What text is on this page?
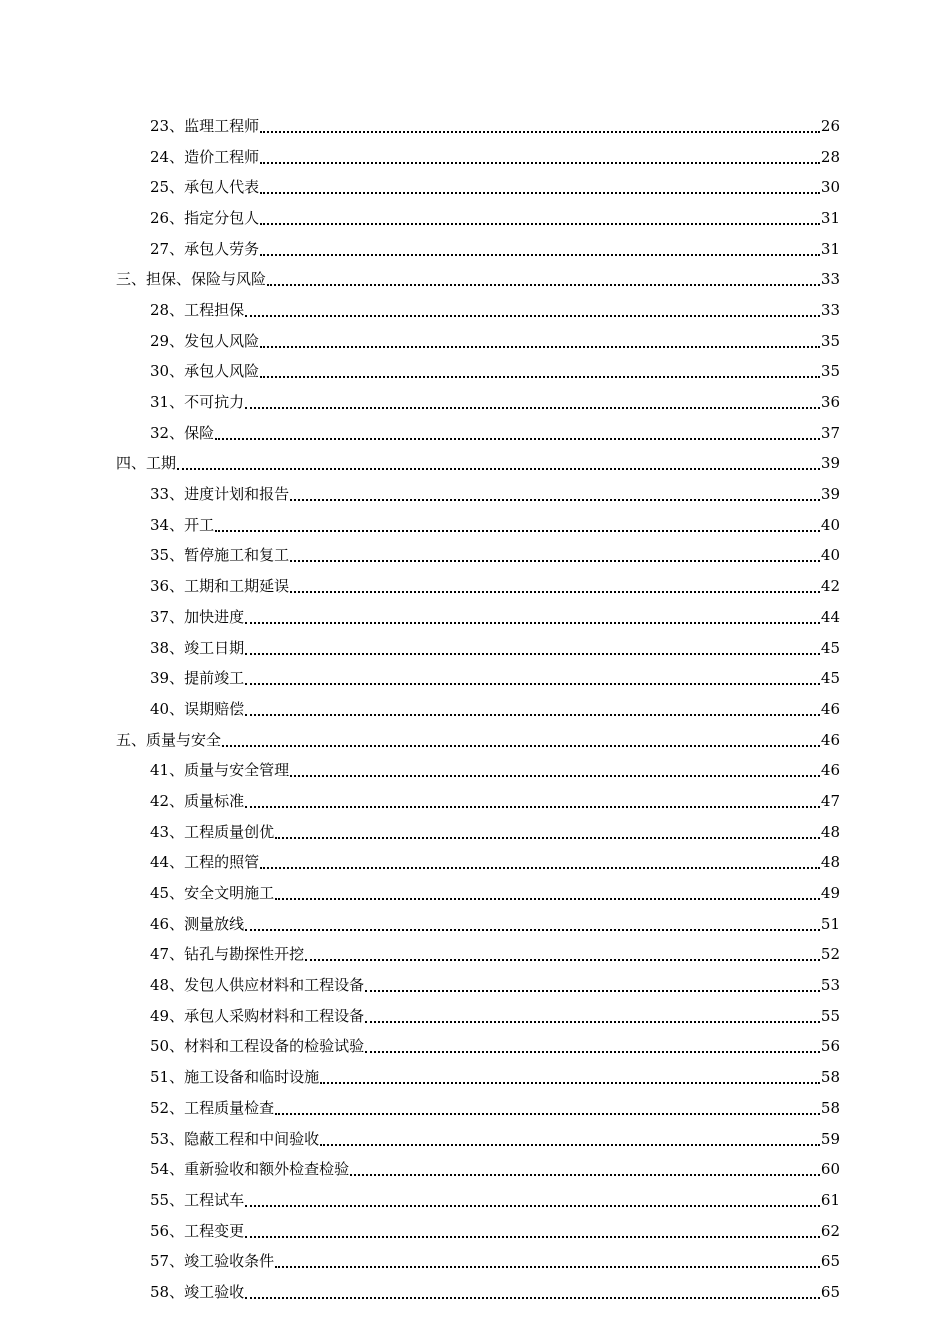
23、 监理工程师	26
24、 造价工程师	28
25、 承包人代表	30
26、 指定分包人	31
27、 承包人劳务	31
三、 担保、保险与风险	33
28、 工程担保	33
29、 发包人风险	35
30、 承包人风险	35
31、 不可抗力	36
32、 保险	37
四、 工期	39
33、 进度计划和报告	39
34、 开工	40
35、 暂停施工和复工	40
36、 工期和工期延误	42
37、 加快进度	44
38、 竣工日期	45
39、 提前竣工	45
40、 误期赔偿	46
五、 质量与安全	46
41、 质量与安全管理	46
42、 质量标准	47
43、 工程质量创优	48
44、 工程的照管	48
45、 安全文明施工	49
46、 测量放线	51
47、 钻孔与勘探性开挖	52
48、 发包人供应材料和工程设备	53
49、 承包人采购材料和工程设备	55
50、 材料和工程设备的检验试验	56
51、 施工设备和临时设施	58
52、 工程质量检查	58
53、 隐蔽工程和中间验收	59
54、 重新验收和额外检查检验	60
55、 工程试车	61
56、 工程变更	62
57、 竣工验收条件	65
58、 竣工验收	65
